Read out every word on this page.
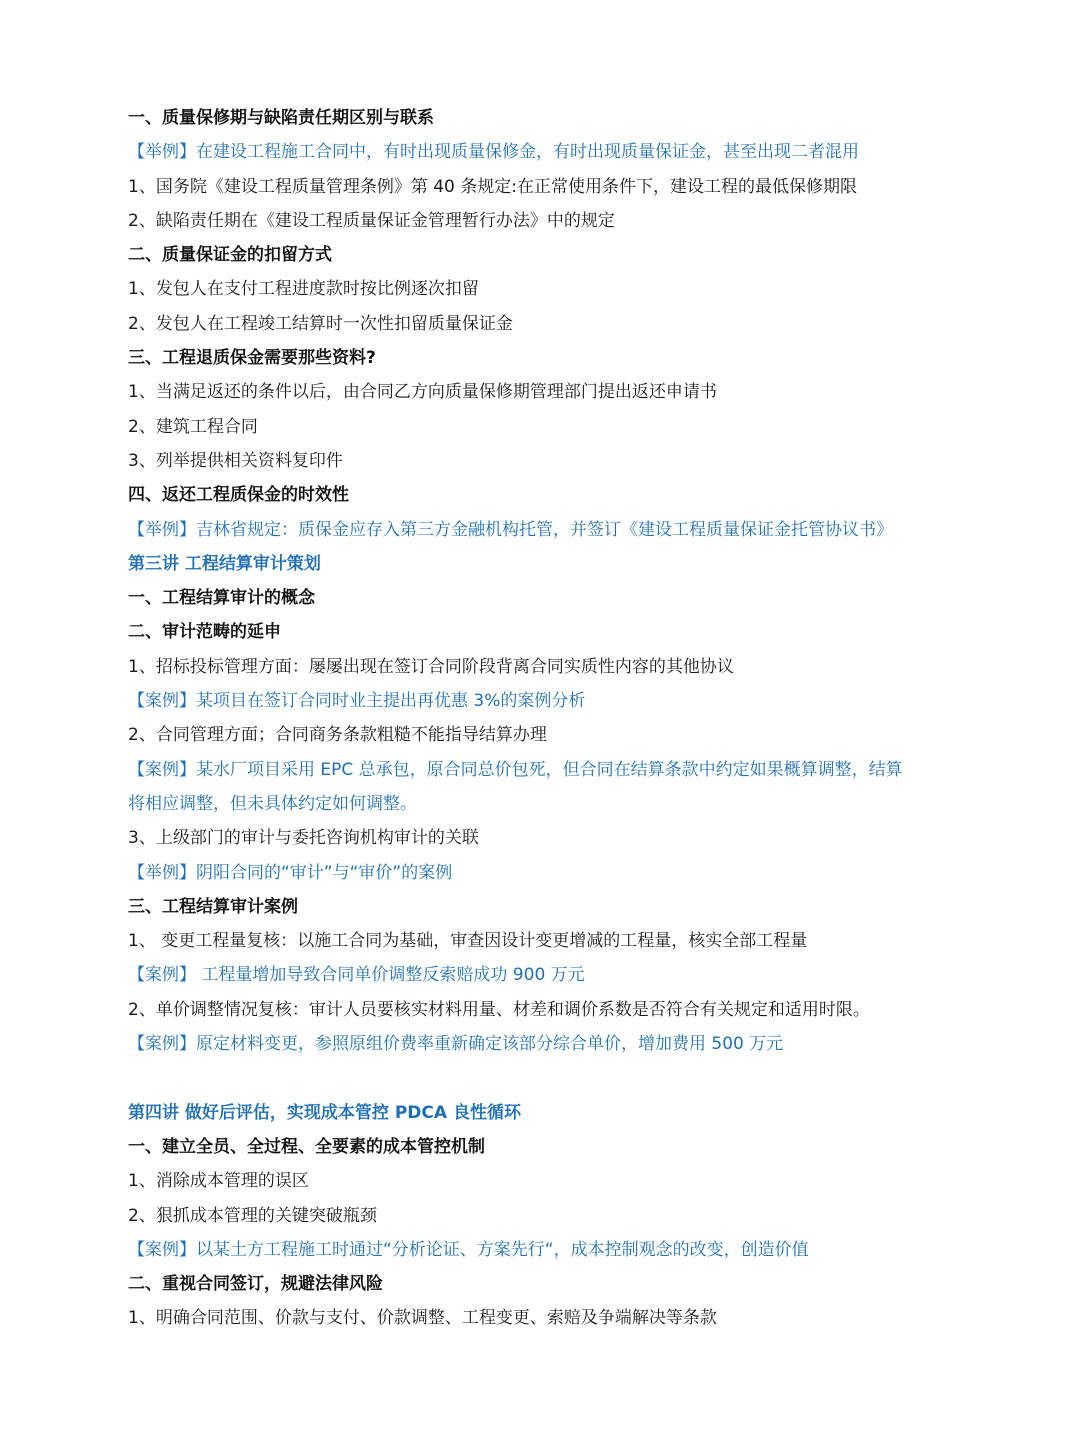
一、质量保修期与缺陷责任期区别与联系
【举例】在建设工程施工合同中，有时出现质量保修金，有时出现质量保证金，甚至出现二者混用
1、国务院《建设工程质量管理条例》第 40 条规定:在正常使用条件下，建设工程的最低保修期限
2、缺陷责任期在《建设工程质量保证金管理暂行办法》中的规定
二、质量保证金的扣留方式
1、发包人在支付工程进度款时按比例逐次扣留
2、发包人在工程竣工结算时一次性扣留质量保证金
三、工程退质保金需要那些资料?
1、当满足返还的条件以后，由合同乙方向质量保修期管理部门提出返还申请书
2、建筑工程合同
3、列举提供相关资料复印件
四、返还工程质保金的时效性
【举例】吉林省规定：质保金应存入第三方金融机构托管，并签订《建设工程质量保证金托管协议书》
第三讲 工程结算审计策划
一、工程结算审计的概念
二、审计范畴的延申
1、招标投标管理方面：屡屡出现在签订合同阶段背离合同实质性内容的其他协议
【案例】某项目在签订合同时业主提出再优惠 3%的案例分析
2、合同管理方面；合同商务条款粗糙不能指导结算办理
【案例】某水厂项目采用 EPC 总承包，原合同总价包死，但合同在结算条款中约定如果概算调整，结算
将相应调整，但未具体约定如何调整。
3、上级部门的审计与委托咨询机构审计的关联
【举例】阴阳合同的“审计”与“审价”的案例
三、工程结算审计案例
1、 变更工程量复核：以施工合同为基础，审查因设计变更增减的工程量，核实全部工程量
【案例】 工程量增加导致合同单价调整反索赔成功 900 万元
2、单价调整情况复核：审计人员要核实材料用量、材差和调价系数是否符合有关规定和适用时限。
【案例】原定材料变更，参照原组价费率重新确定该部分综合单价，增加费用 500 万元
第四讲 做好后评估，实现成本管控 PDCA 良性循环
一、建立全员、全过程、全要素的成本管控机制
1、消除成本管理的误区
2、狠抓成本管理的关键突破瓶颈
【案例】以某土方工程施工时通过“分析论证、方案先行“，成本控制观念的改变，创造价值
二、重视合同签订，规避法律风险
1、明确合同范围、价款与支付、价款调整、工程变更、索赔及争端解决等条款
